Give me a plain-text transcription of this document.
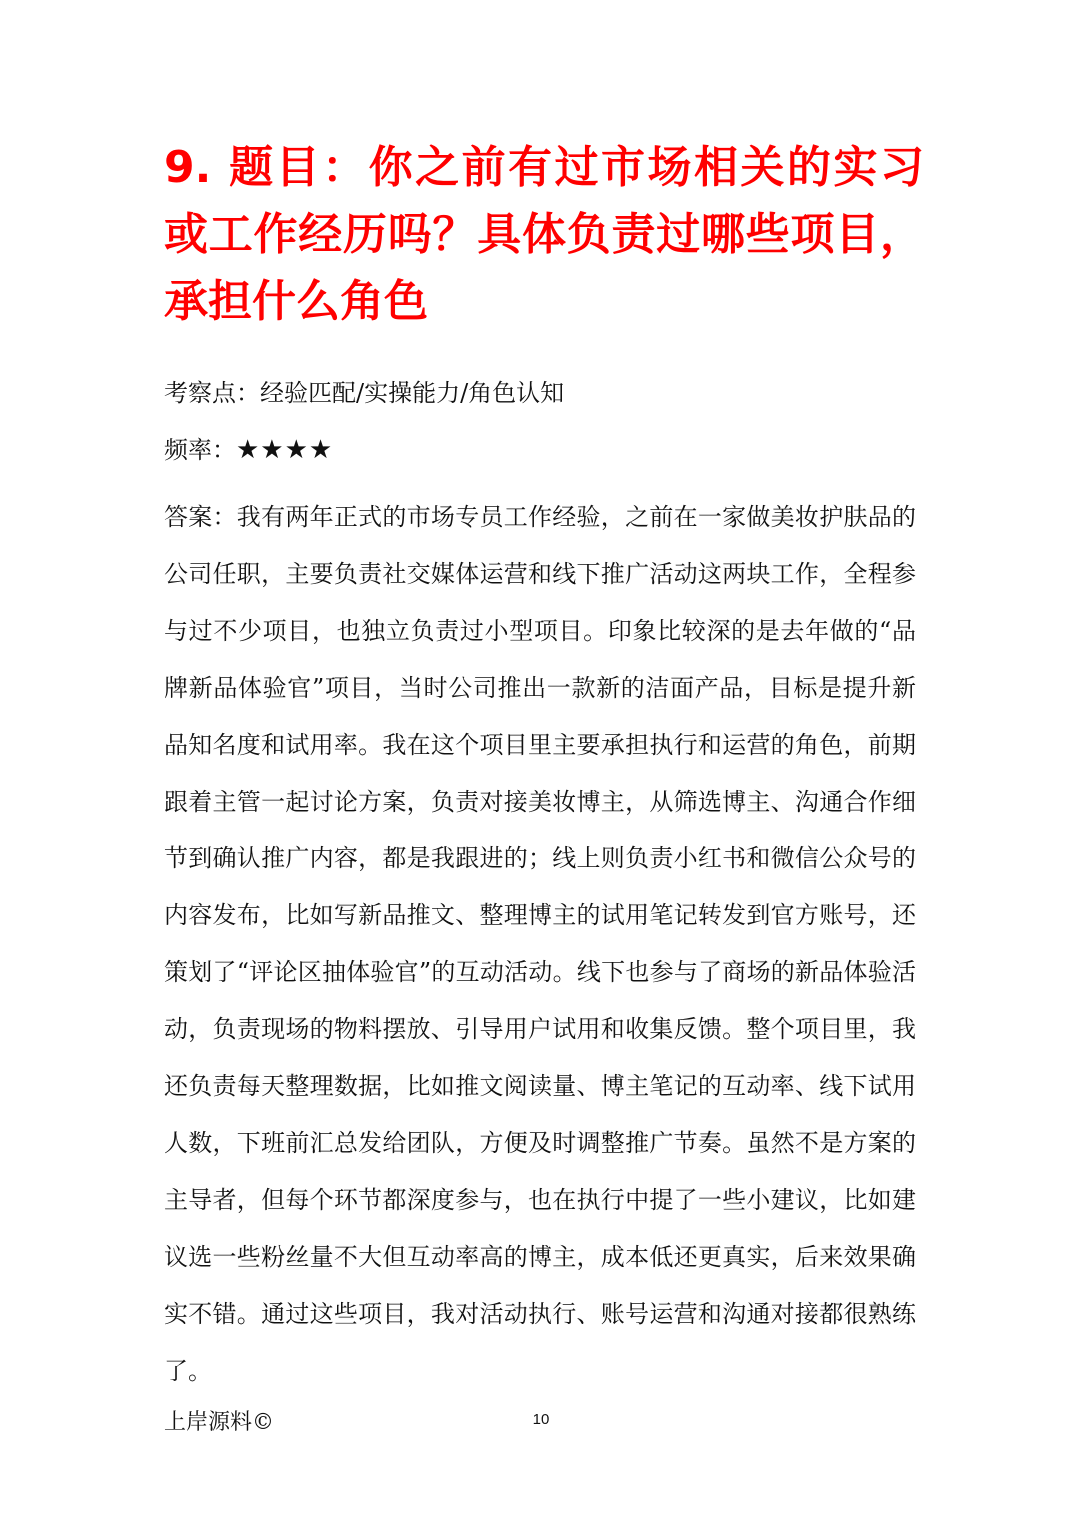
9. 题目：你之前有过市场相关的实习或工作经历吗？具体负责过哪些项目，承担什么角色

考察点：经验匹配/实操能力/角色认知

频率：★★★★

答案：我有两年正式的市场专员工作经验，之前在一家做美妆护肤品的公司任职，主要负责社交媒体运营和线下推广活动这两块工作，全程参与过不少项目，也独立负责过小型项目。印象比较深的是去年做的“品牌新品体验官”项目，当时公司推出一款新的洁面产品，目标是提升新品知名度和试用率。我在这个项目里主要承担执行和运营的角色，前期跟着主管一起讨论方案，负责对接美妆博主，从筛选博主、沟通合作细节到确认推广内容，都是我跟进的；线上则负责小红书和微信公众号的内容发布，比如写新品推文、整理博主的试用笔记转发到官方账号，还策划了“评论区抽体验官”的互动活动。线下也参与了商场的新品体验活动，负责现场的物料摆放、引导用户试用和收集反馈。整个项目里，我还负责每天整理数据，比如推文阅读量、博主笔记的互动率、线下试用人数，下班前汇总发给团队，方便及时调整推广节奏。虽然不是方案的主导者，但每个环节都深度参与，也在执行中提了一些小建议，比如建议选一些粉丝量不大但互动率高的博主，成本低还更真实，后来效果确实不错。通过这些项目，我对活动执行、账号运营和沟通对接都很熟练了。

上岸源料©	10
